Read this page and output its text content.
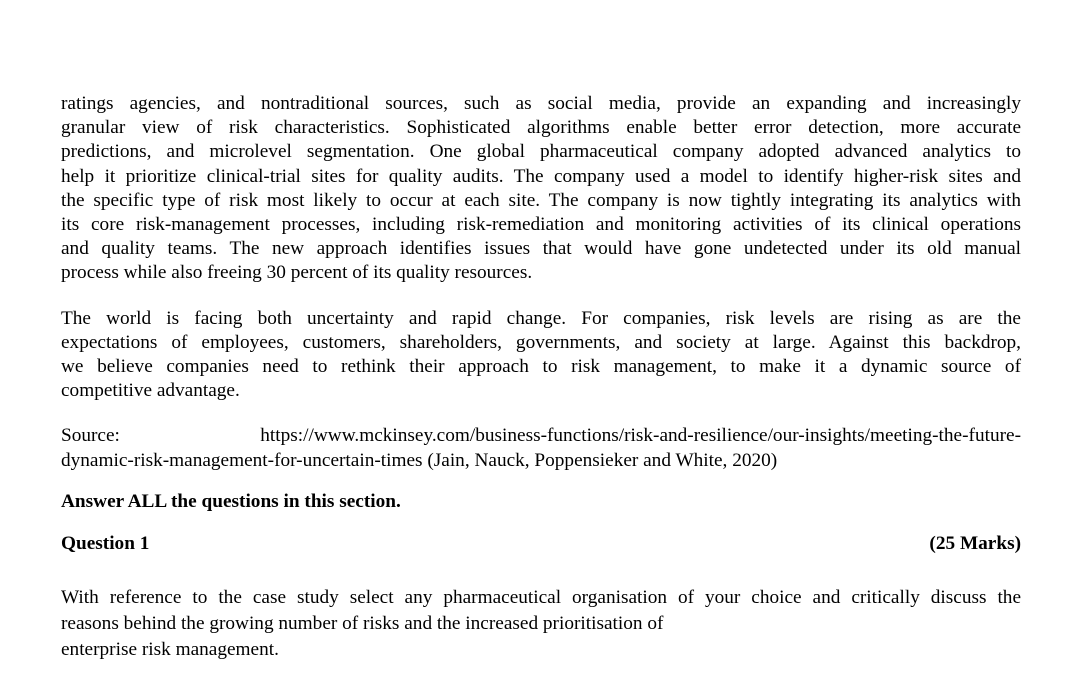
ratings agencies, and nontraditional sources, such as social media, provide an expanding and increasingly
granular view of risk characteristics. Sophisticated algorithms enable better error detection, more accurate
predictions, and microlevel segmentation. One global pharmaceutical company adopted advanced analytics to
help it prioritize clinical-trial sites for quality audits. The company used a model to identify higher-risk sites and
the specific type of risk most likely to occur at each site. The company is now tightly integrating its analytics with
its core risk-management processes, including risk-remediation and monitoring activities of its clinical operations
and quality teams. The new approach identifies issues that would have gone undetected under its old manual
process while also freeing 30 percent of its quality resources.
The world is facing both uncertainty and rapid change. For companies, risk levels are rising as are the
expectations of employees, customers, shareholders, governments, and society at large. Against this backdrop,
we believe companies need to rethink their approach to risk management, to make it a dynamic source of
competitive advantage.
Source: https://www.mckinsey.com/business-functions/risk-and-resilience/our-insights/meeting-the-future-
dynamic-risk-management-for-uncertain-times (Jain, Nauck, Poppensieker and White, 2020)
Answer ALL the questions in this section.
Question 1	(25 Marks)
With reference to the case study select any pharmaceutical organisation of your choice and critically discuss the
reasons behind the growing number of risks and the increased prioritisation of
enterprise risk management.
